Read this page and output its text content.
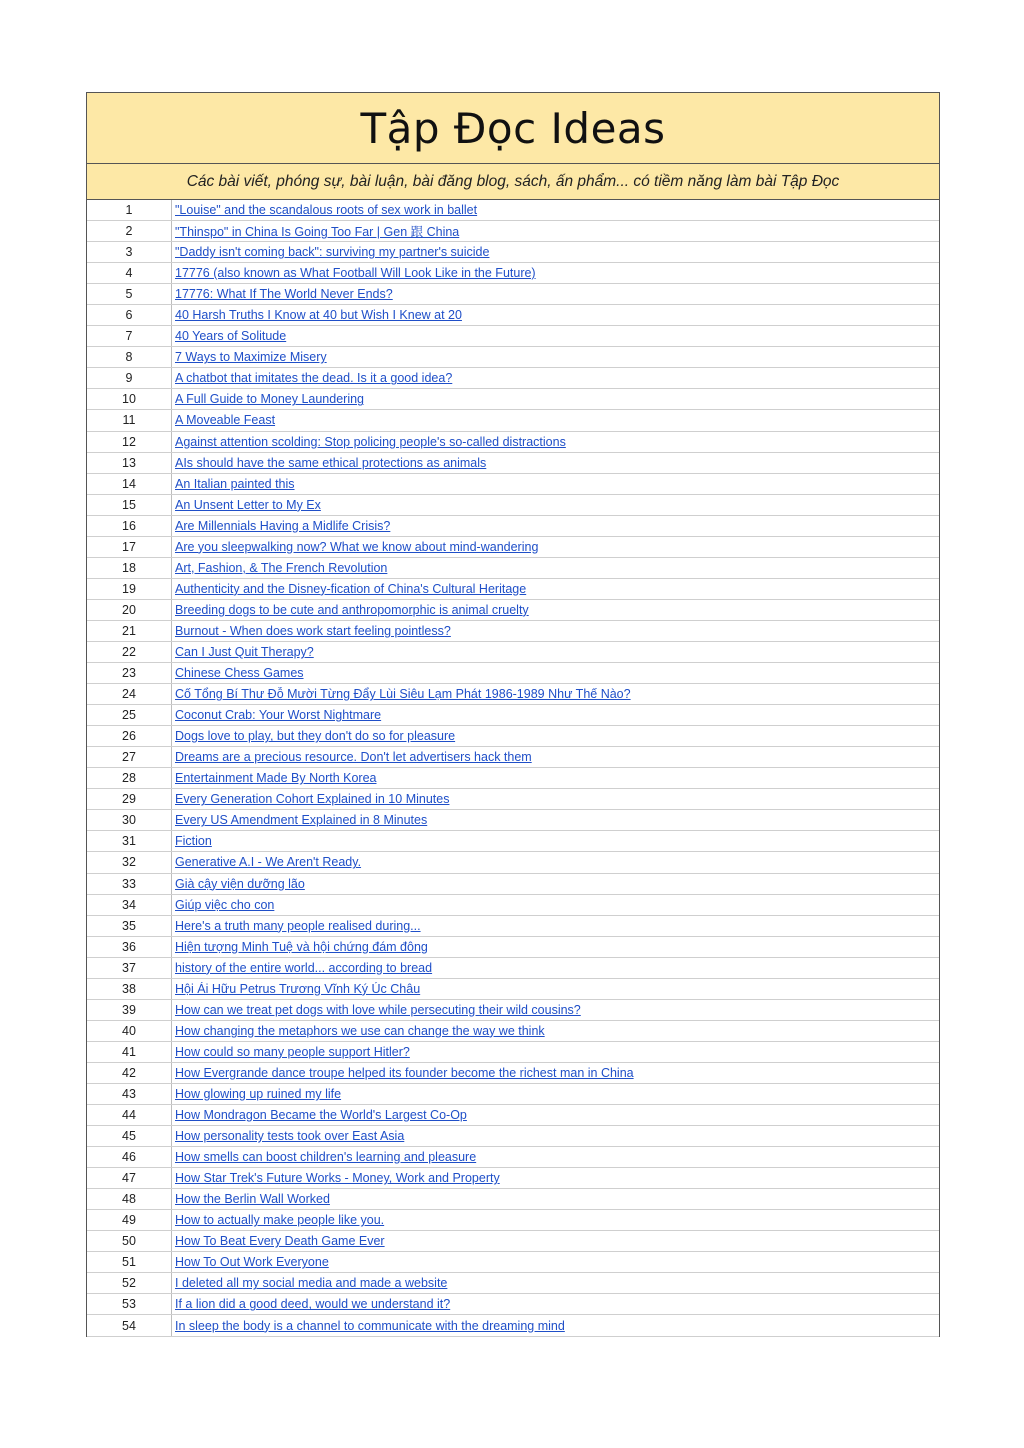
Tập Đọc Ideas
Các bài viết, phóng sự, bài luận, bài đăng blog, sách, ấn phẩm... có tiềm năng làm bài Tập Đọc
1	"Louise" and the scandalous roots of sex work in ballet
2	"Thinspo" in China Is Going Too Far | Gen 跟 China
3	"Daddy isn't coming back": surviving my partner's suicide
4	17776 (also known as What Football Will Look Like in the Future)
5	17776: What If The World Never Ends?
6	40 Harsh Truths I Know at 40 but Wish I Knew at 20
7	40 Years of Solitude
8	7 Ways to Maximize Misery
9	A chatbot that imitates the dead. Is it a good idea?
10	A Full Guide to Money Laundering
11	A Moveable Feast
12	Against attention scolding: Stop policing people's so-called distractions
13	AIs should have the same ethical protections as animals
14	An Italian painted this
15	An Unsent Letter to My Ex
16	Are Millennials Having a Midlife Crisis?
17	Are you sleepwalking now? What we know about mind-wandering
18	Art, Fashion, & The French Revolution
19	Authenticity and the Disney-fication of China's Cultural Heritage
20	Breeding dogs to be cute and anthropomorphic is animal cruelty
21	Burnout - When does work start feeling pointless?
22	Can I Just Quit Therapy?
23	Chinese Chess Games
24	Cố Tổng Bí Thư Đỗ Mười Từng Đẩy Lùi Siêu Lạm Phát 1986-1989 Như Thế Nào?
25	Coconut Crab: Your Worst Nightmare
26	Dogs love to play, but they don't do so for pleasure
27	Dreams are a precious resource. Don't let advertisers hack them
28	Entertainment Made By North Korea
29	Every Generation Cohort Explained in 10 Minutes
30	Every US Amendment Explained in 8 Minutes
31	Fiction
32	Generative A.I - We Aren't Ready.
33	Già cậy viện dưỡng lão
34	Giúp việc cho con
35	Here's a truth many people realised during...
36	Hiện tượng Minh Tuệ và hội chứng đám đông
37	history of the entire world... according to bread
38	Hội Ái Hữu Petrus Trương Vĩnh Ký Úc Châu
39	How can we treat pet dogs with love while persecuting their wild cousins?
40	How changing the metaphors we use can change the way we think
41	How could so many people support Hitler?
42	How Evergrande dance troupe helped its founder become the richest man in China
43	How glowing up ruined my life
44	How Mondragon Became the World's Largest Co-Op
45	How personality tests took over East Asia
46	How smells can boost children's learning and pleasure
47	How Star Trek's Future Works - Money, Work and Property
48	How the Berlin Wall Worked
49	How to actually make people like you.
50	How To Beat Every Death Game Ever
51	How To Out Work Everyone
52	I deleted all my social media and made a website
53	If a lion did a good deed, would we understand it?
54	In sleep the body is a channel to communicate with the dreaming mind
